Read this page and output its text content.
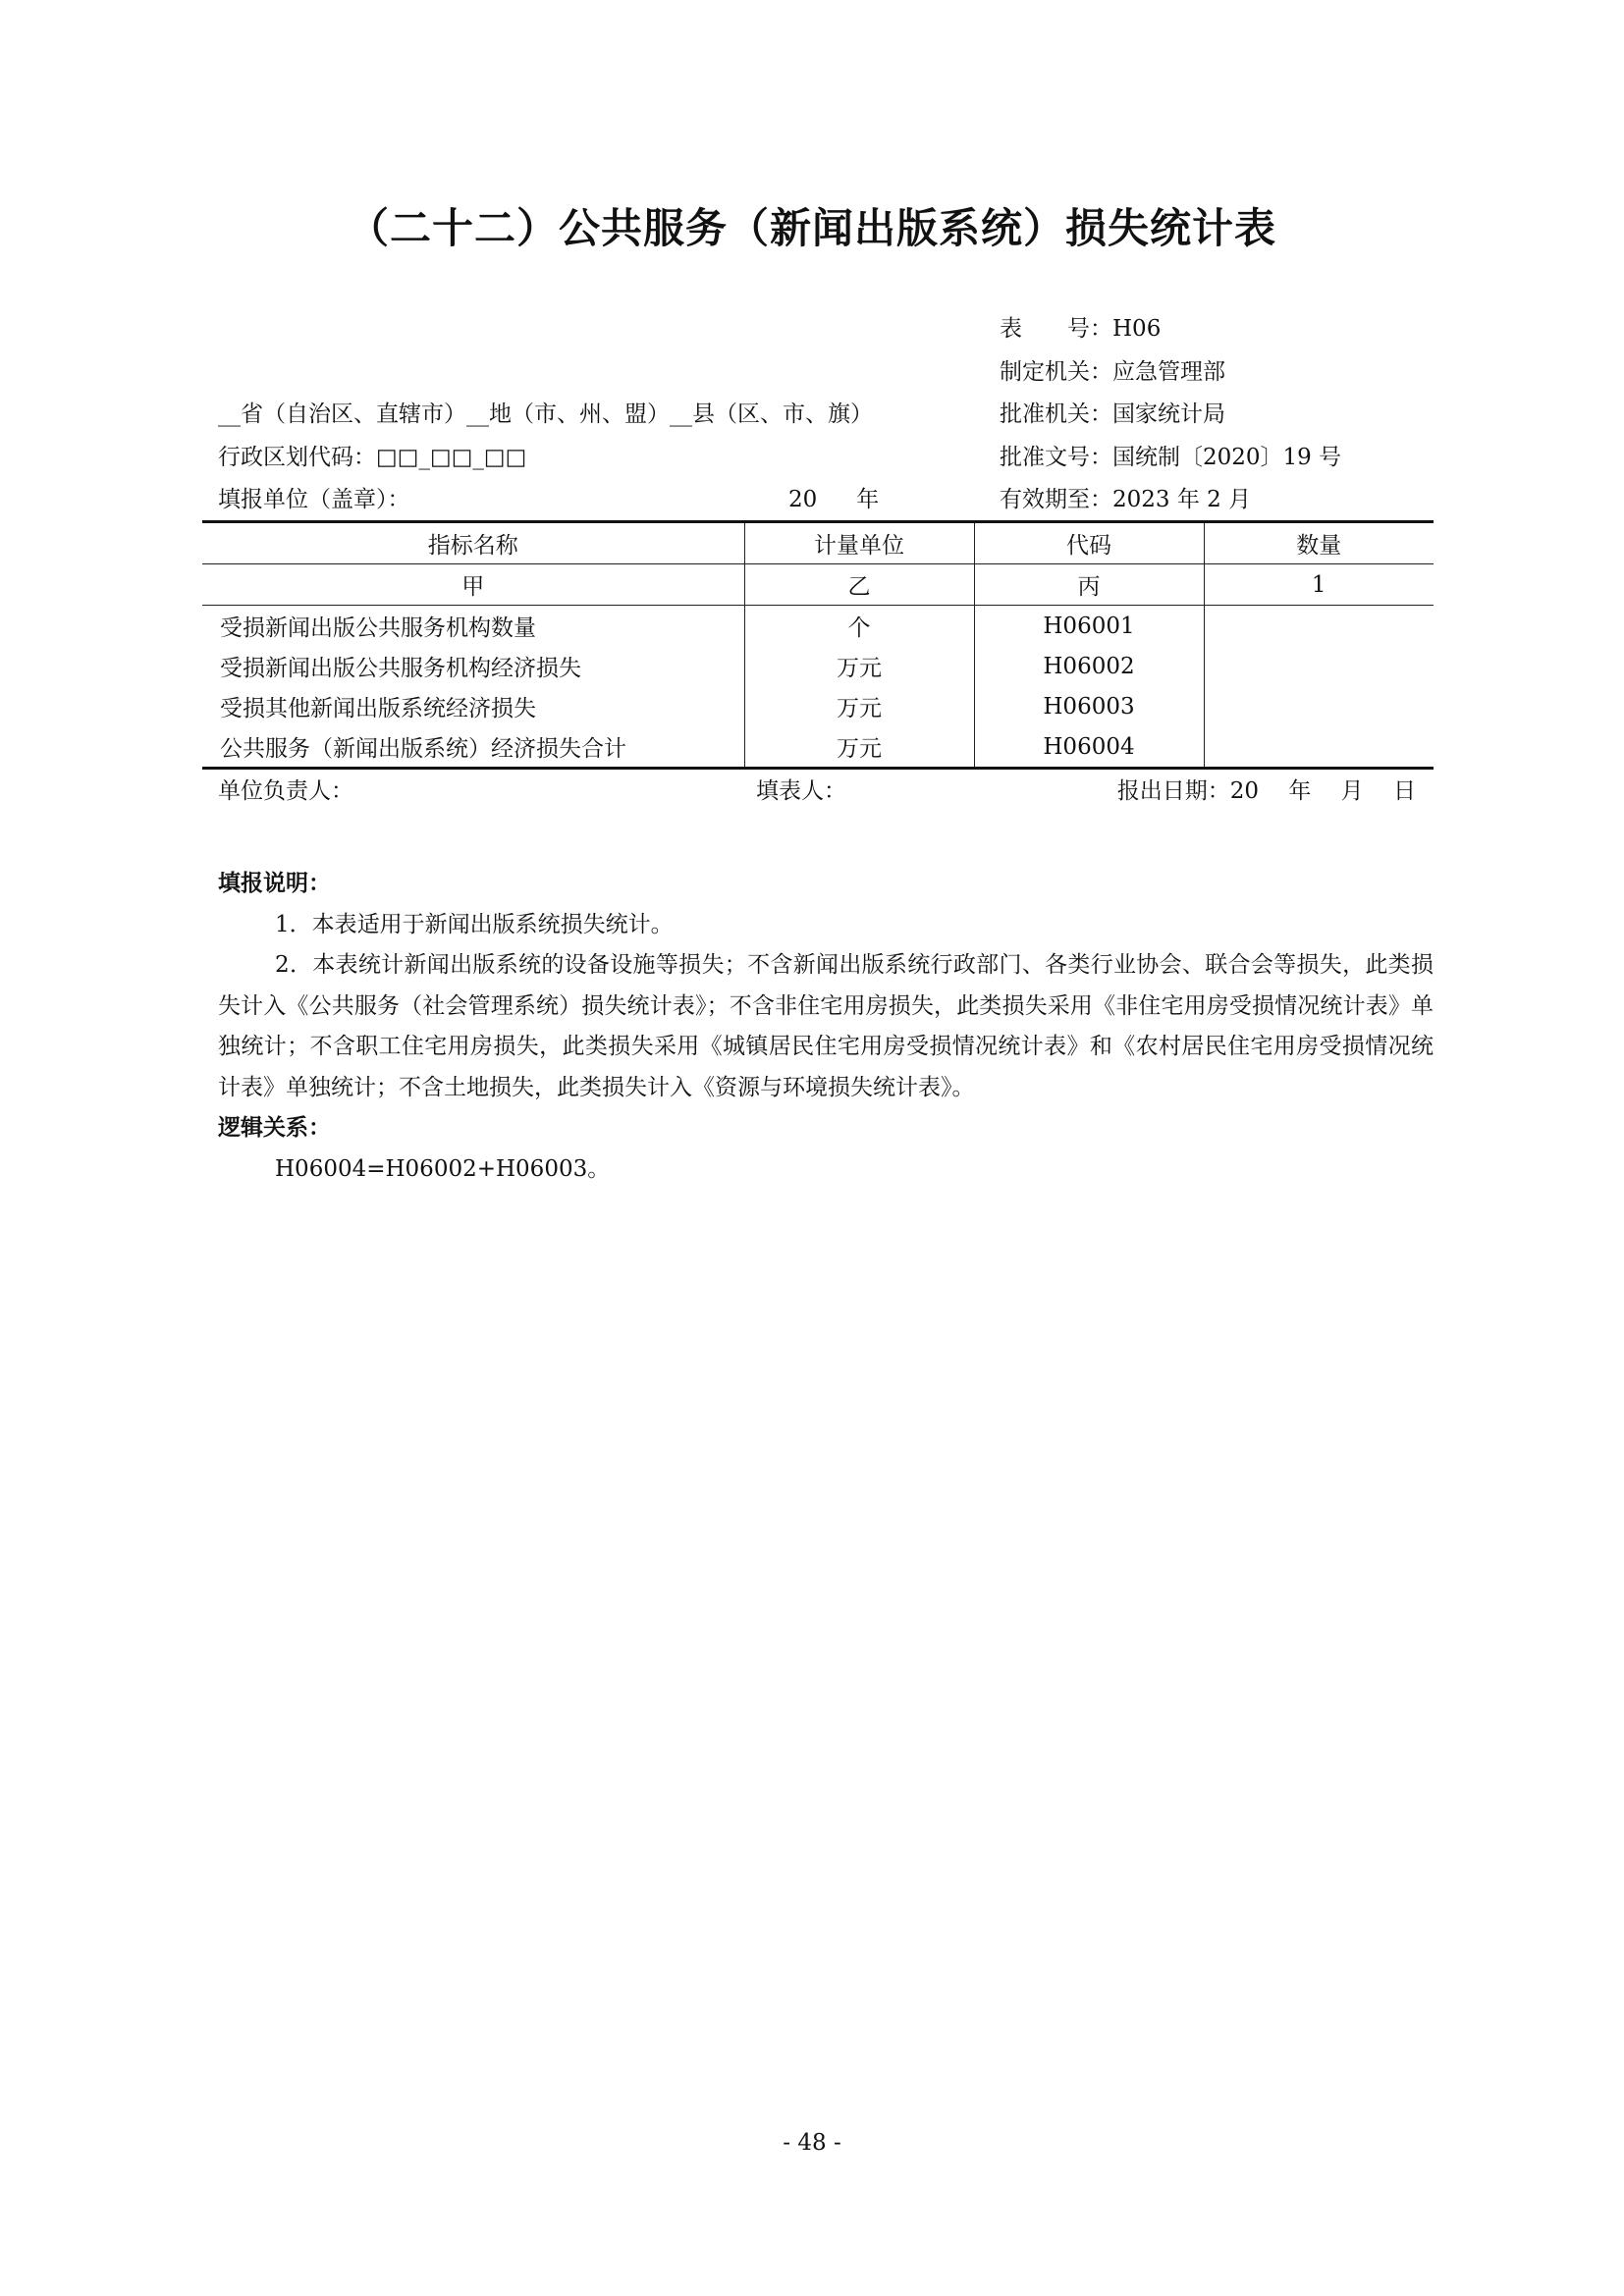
（二十二）公共服务（新闻出版系统）损失统计表
表　　号：H06
制定机关：应急管理部
批准机关：国家统计局
批准文号：国统制〔2020〕19 号
有效期至：2023 年 2 月
__省（自治区、直辖市）__地（市、州、盟）__县（区、市、旗）
行政区划代码：□□_□□_□□
填报单位（盖章）：	20 年
指标名称	计量单位	代码	数量
甲	乙	丙	1
受损新闻出版公共服务机构数量	个	H06001	
受损新闻出版公共服务机构经济损失	万元	H06002	
受损其他新闻出版系统经济损失	万元	H06003	
公共服务（新闻出版系统）经济损失合计	万元	H06004	
单位负责人：	填表人：	报出日期：20　 年　 月　 日
填报说明：
1．本表适用于新闻出版系统损失统计。
2．本表统计新闻出版系统的设备设施等损失；不含新闻出版系统行政部门、各类行业协会、联合会等损失，此类损失计入《公共服务（社会管理系统）损失统计表》；不含非住宅用房损失，此类损失采用《非住宅用房受损情况统计表》单独统计；不含职工住宅用房损失，此类损失采用《城镇居民住宅用房受损情况统计表》和《农村居民住宅用房受损情况统计表》单独统计；不含土地损失，此类损失计入《资源与环境损失统计表》。
逻辑关系：
H06004=H06002+H06003。
- 48 -
